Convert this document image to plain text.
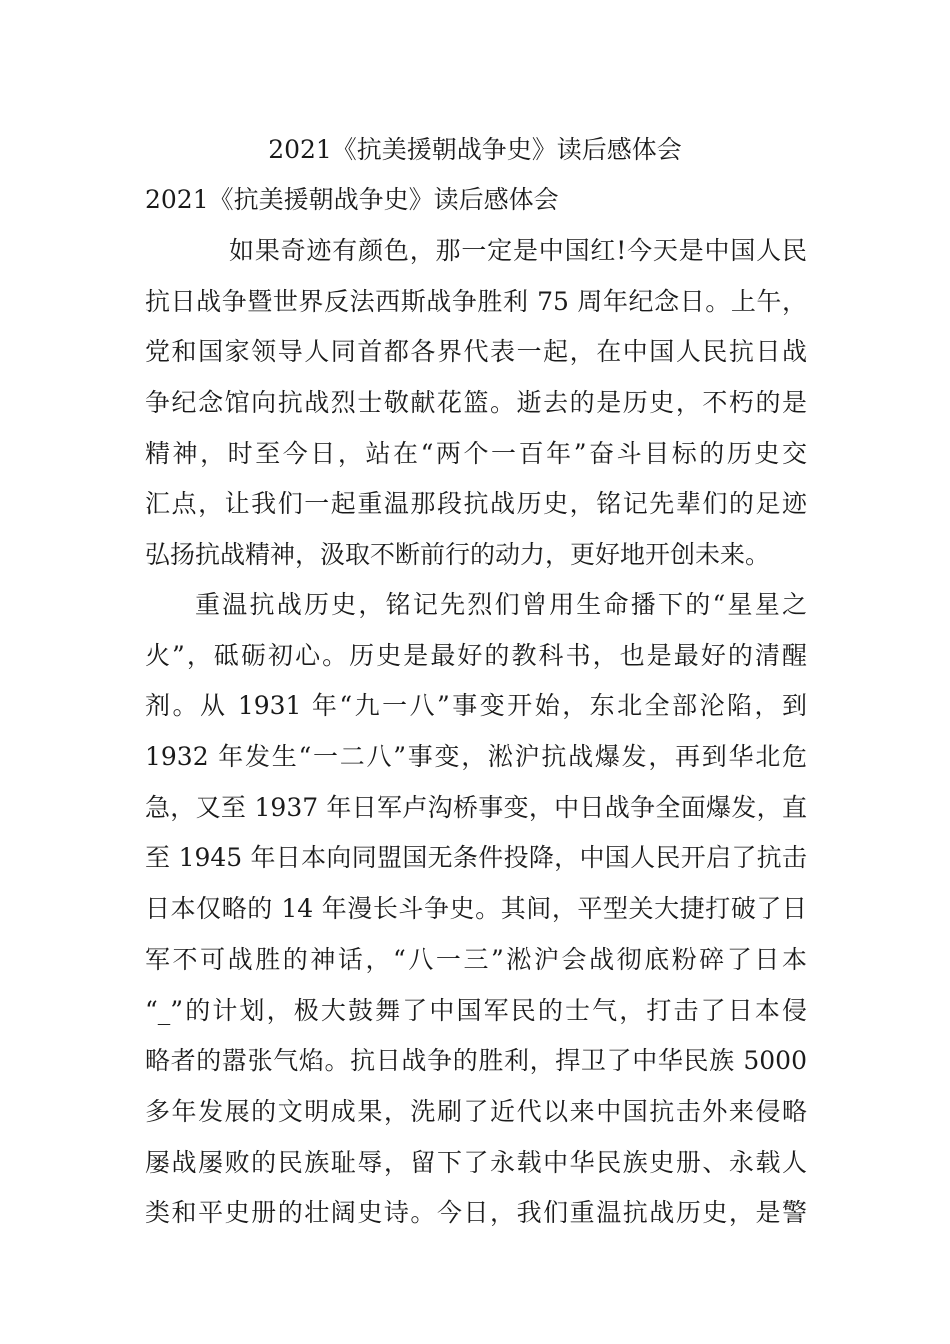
2021《抗美援朝战争史》读后感体会
2021《抗美援朝战争史》读后感体会
如果奇迹有颜色，那一定是中国红!今天是中国人民
抗日战争暨世界反法西斯战争胜利 75 周年纪念日。上午，
党和国家领导人同首都各界代表一起，在中国人民抗日战
争纪念馆向抗战烈士敬献花篮。逝去的是历史，不朽的是
精神，时至今日，站在“两个一百年”奋斗目标的历史交
汇点，让我们一起重温那段抗战历史，铭记先辈们的足迹
弘扬抗战精神，汲取不断前行的动力，更好地开创未来。
重温抗战历史，铭记先烈们曾用生命播下的“星星之
火”，砥砺初心。历史是最好的教科书，也是最好的清醒
剂。从 1931 年“九一八”事变开始，东北全部沦陷，到
1932 年发生“一二八”事变，淞沪抗战爆发，再到华北危
急，又至 1937 年日军卢沟桥事变，中日战争全面爆发，直
至 1945 年日本向同盟国无条件投降，中国人民开启了抗击
日本仅略的 14 年漫长斗争史。其间，平型关大捷打破了日
军不可战胜的神话，“八一三”淞沪会战彻底粉碎了日本
“_”的计划，极大鼓舞了中国军民的士气，打击了日本侵
略者的嚣张气焰。抗日战争的胜利，捍卫了中华民族 5000
多年发展的文明成果，洗刷了近代以来中国抗击外来侵略
屡战屡败的民族耻辱，留下了永载中华民族史册、永载人
类和平史册的壮阔史诗。今日，我们重温抗战历史，是警
